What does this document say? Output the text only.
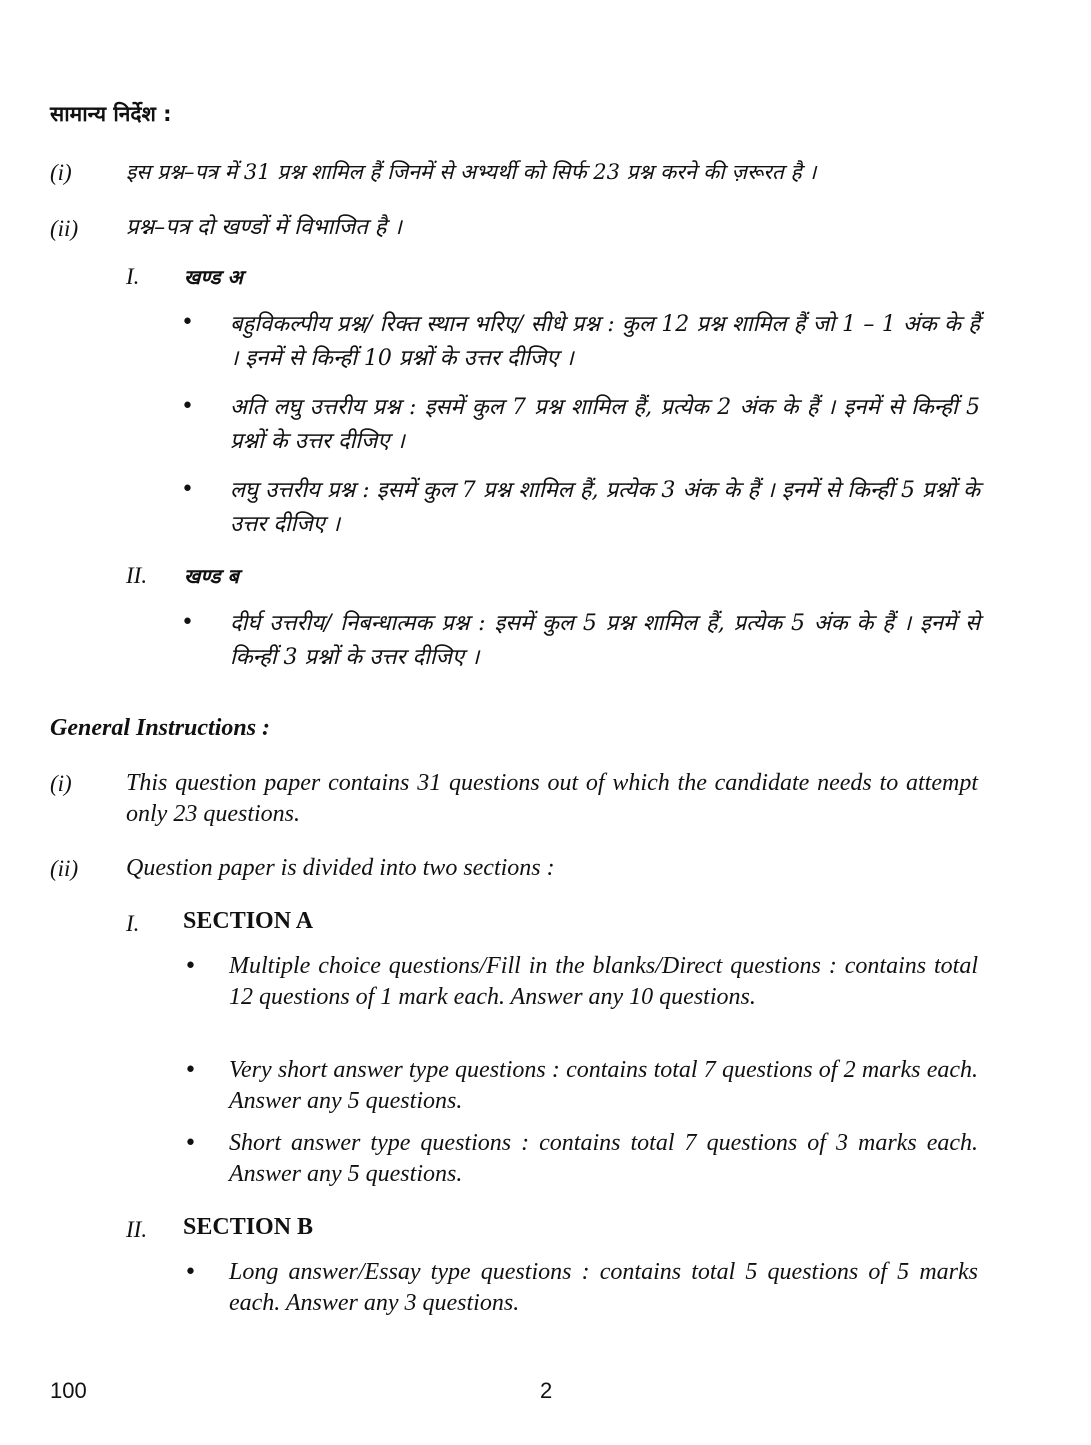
सामान्य निर्देश :
(i)	इस प्रश्न–पत्र में 31 प्रश्न शामिल हैं जिनमें से अभ्यर्थी को सिर्फ 23 प्रश्न करने की ज़रूरत है ।
(ii) प्रश्न–पत्र दो खण्डों में विभाजित है ।
I. खण्ड अ
• बहुविकल्पीय प्रश्न/ रिक्त स्थान भरिए/ सीधे प्रश्न : कुल 12 प्रश्न शामिल हैं जो 1 – 1 अंक के हैं । इनमें से किन्हीं 10 प्रश्नों के उत्तर दीजिए ।
• अति लघु उत्तरीय प्रश्न : इसमें कुल 7 प्रश्न शामिल हैं, प्रत्येक 2 अंक के हैं । इनमें से किन्हीं 5 प्रश्नों के उत्तर दीजिए ।
• लघु उत्तरीय प्रश्न : इसमें कुल 7 प्रश्न शामिल हैं, प्रत्येक 3 अंक के हैं । इनमें से किन्हीं 5 प्रश्नों के उत्तर दीजिए ।
II. खण्ड ब
• दीर्घ उत्तरीय/ निबन्धात्मक प्रश्न : इसमें कुल 5 प्रश्न शामिल हैं, प्रत्येक 5 अंक के हैं । इनमें से किन्हीं 3 प्रश्नों के उत्तर दीजिए ।
General Instructions :
(i) This question paper contains 31 questions out of which the candidate needs to attempt only 23 questions.
(ii) Question paper is divided into two sections :
I. SECTION A
• Multiple choice questions/Fill in the blanks/Direct questions : contains total 12 questions of 1 mark each. Answer any 10 questions.
• Very short answer type questions : contains total 7 questions of 2 marks each. Answer any 5 questions.
• Short answer type questions : contains total 7 questions of 3 marks each. Answer any 5 questions.
II. SECTION B
• Long answer/Essay type questions : contains total 5 questions of 5 marks each. Answer any 3 questions.
100	2
